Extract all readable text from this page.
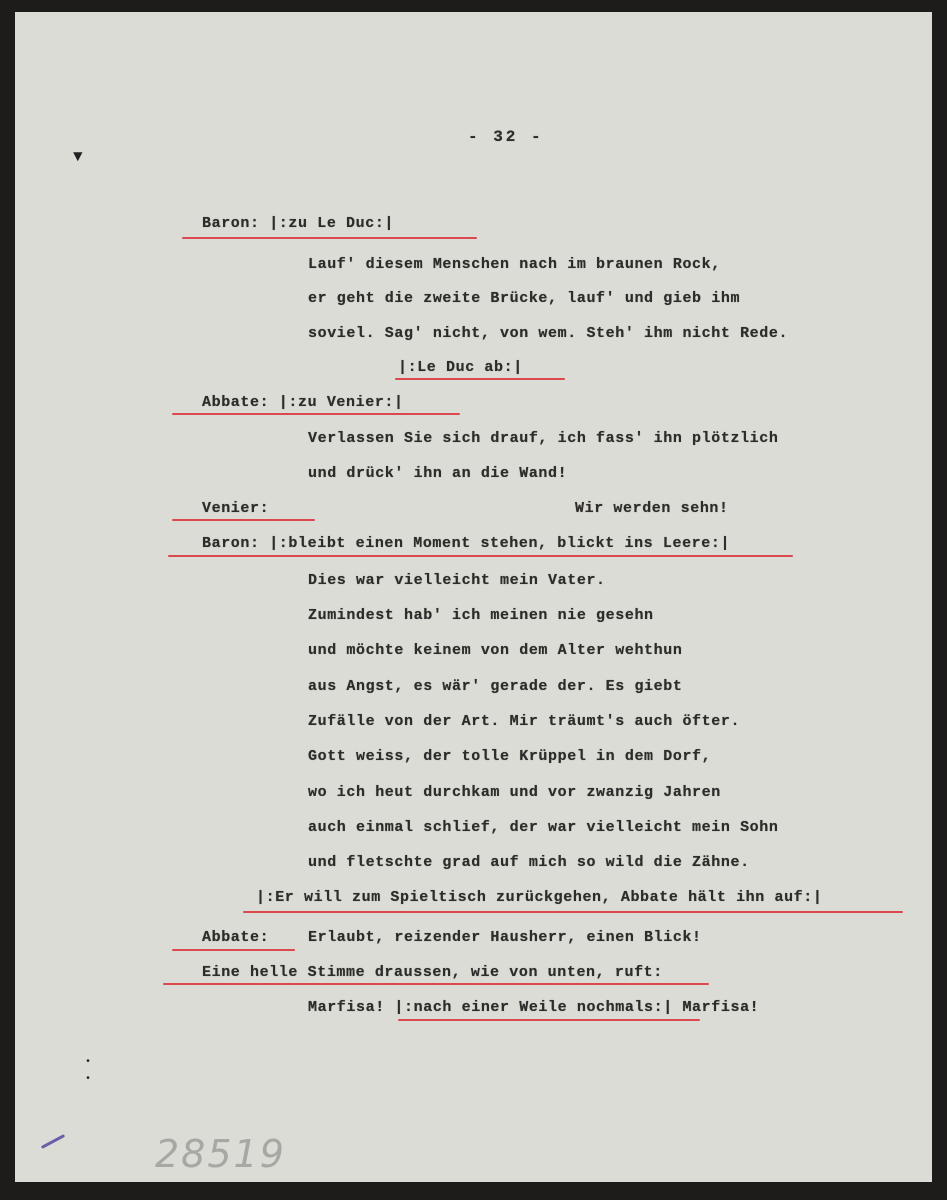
▼
- 32 -
Baron: |:zu Le Duc:|
Lauf' diesem Menschen nach im braunen Rock,
er geht die zweite Brücke, lauf' und gieb ihm
soviel. Sag' nicht, von wem. Steh' ihm nicht Rede.
|:Le Duc ab:|
Abbate: |:zu Venier:|
Verlassen Sie sich drauf, ich fass' ihn plötzlich
und drück' ihn an die Wand!
Venier:	Wir werden sehn!
Baron: |:bleibt einen Moment stehen, blickt ins Leere:|
Dies war vielleicht mein Vater.
Zumindest hab' ich meinen nie gesehn
und möchte keinem von dem Alter wehthun
aus Angst, es wär' gerade der. Es giebt
Zufälle von der Art. Mir träumt's auch öfter.
Gott weiss, der tolle Krüppel in dem Dorf,
wo ich heut durchkam und vor zwanzig Jahren
auch einmal schlief, der war vielleicht mein Sohn
und fletschte grad auf mich so wild die Zähne.
|:Er will zum Spieltisch zurückgehen, Abbate hält ihn auf:|
Abbate:	Erlaubt, reizender Hausherr, einen Blick!
Eine helle Stimme draussen, wie von unten, ruft:
Marfisa! |:nach einer Weile nochmals:| Marfisa!
•
•
28519
